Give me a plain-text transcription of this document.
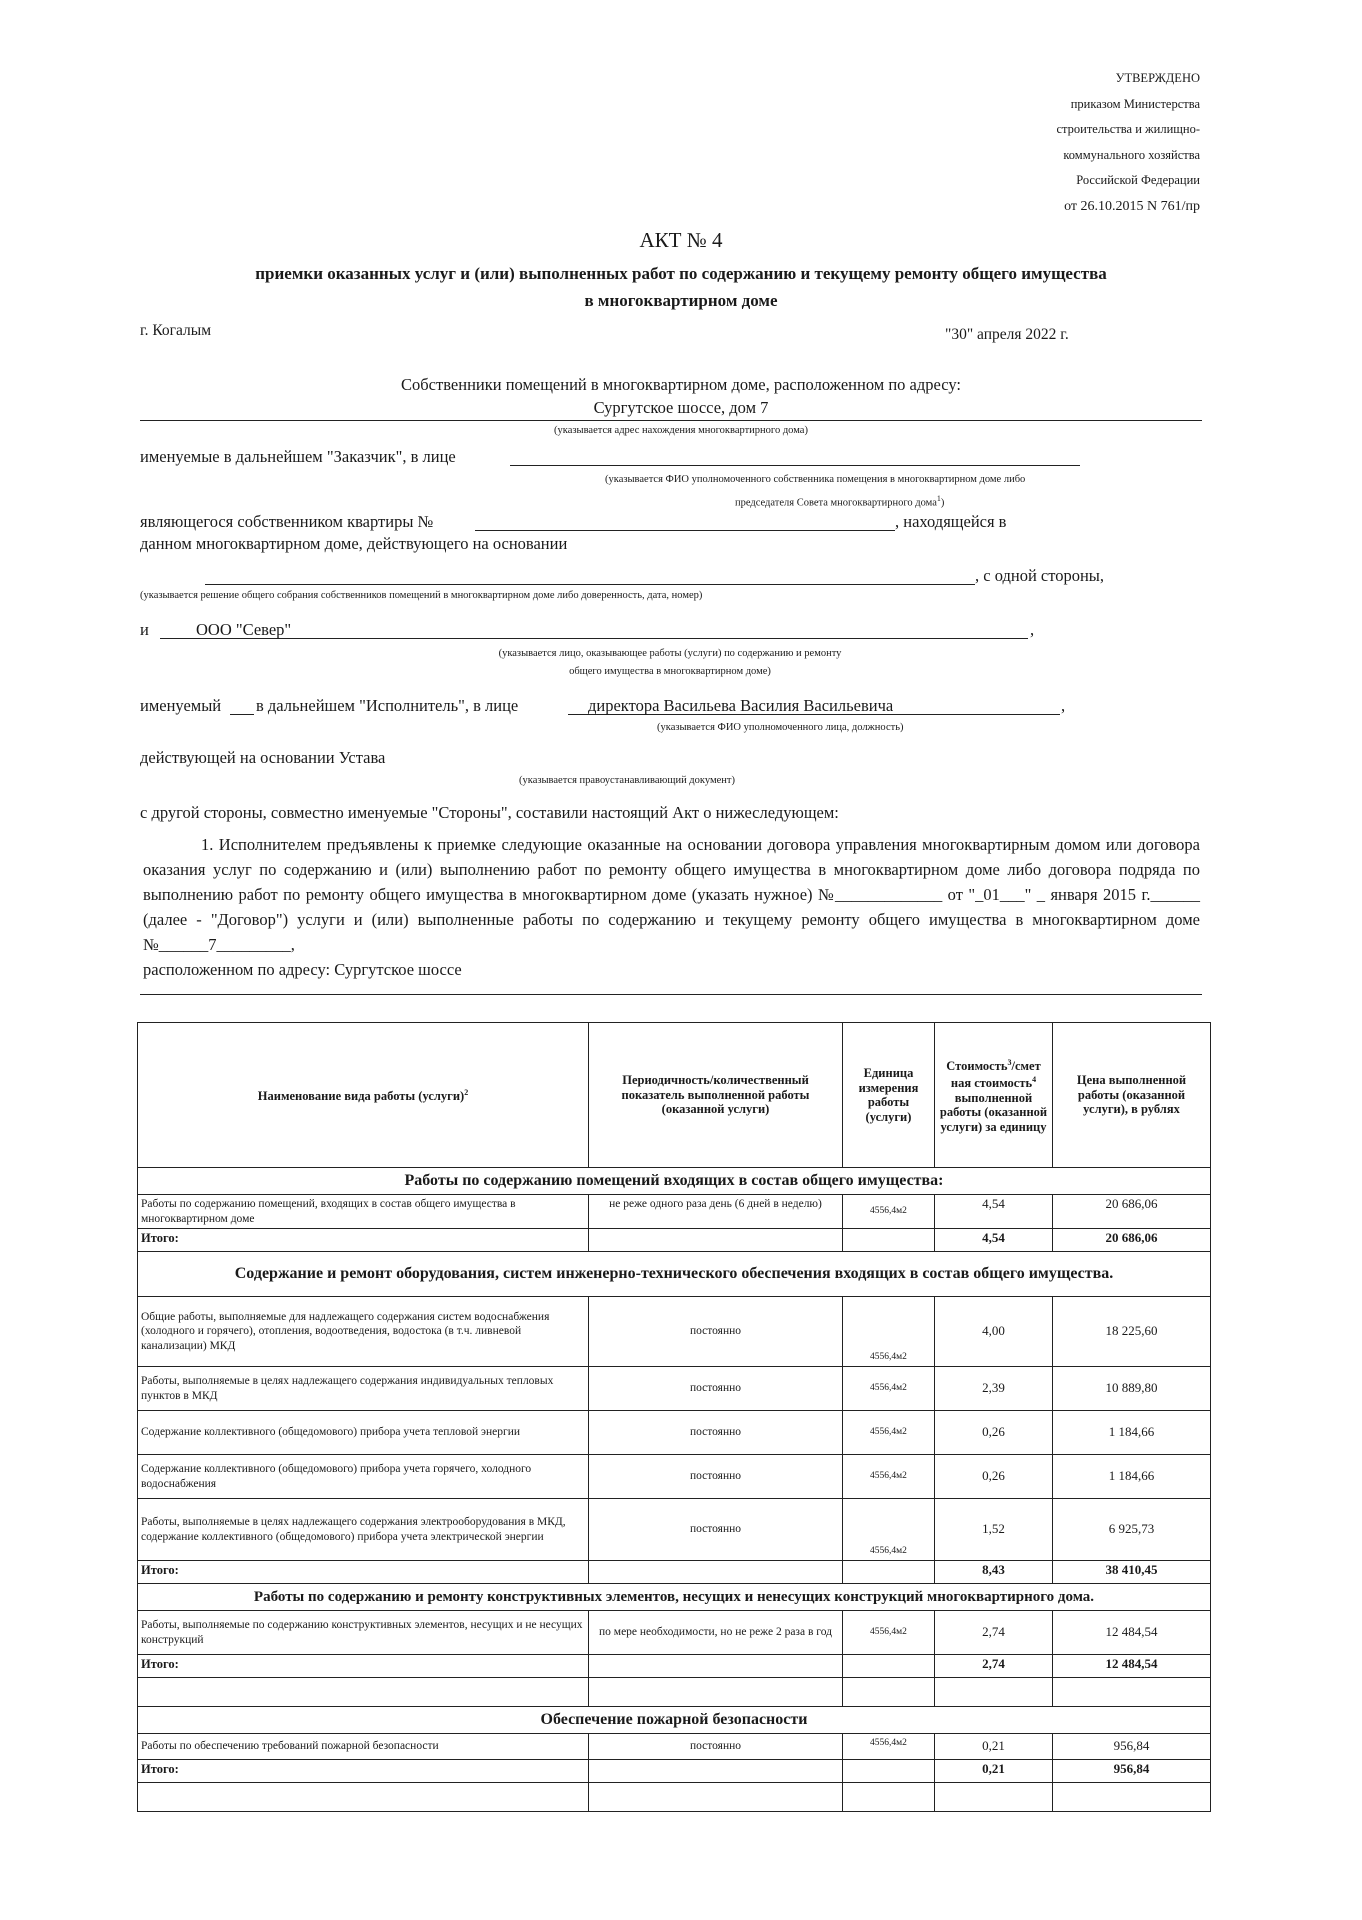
УТВЕРЖДЕНО
приказом Министерства
строительства и жилищно-
коммунального хозяйства
Российской Федерации
от 26.10.2015 N 761/пр
АКТ № 4
приемки оказанных услуг и (или) выполненных работ по содержанию и текущему ремонту общего имущества
в многоквартирном доме
г. Когалым	"30" апреля 2022 г.
Собственники помещений в многоквартирном доме, расположенном по адресу:
Сургутское шоссе, дом 7
(указывается адрес нахождения многоквартирного дома)
именуемые в дальнейшем "Заказчик", в лице
(указывается ФИО уполномоченного собственника помещения в многоквартирном доме либо
председателя Совета многоквартирного дома$^1$)
являющегося собственником квартиры №	, находящейся в
данном многоквартирном доме, действующего на основании
, с одной стороны,
(указывается решение общего собрания собственников помещений в многоквартирном доме либо доверенность, дата, номер)
и	ООО "Север"	,
(указывается лицо, оказывающее работы (услуги) по содержанию и ремонту
общего имущества в многоквартирном доме)
именуемый в дальнейшем "Исполнитель", в лице	директора Васильева Василия Васильевича	,
(указывается ФИО уполномоченного лица, должность)
действующей на основании Устава
(указывается правоустанавливающий документ)
с другой стороны, совместно именуемые "Стороны", составили настоящий Акт о нижеследующем:

1. Исполнителем предъявлены к приемке следующие оказанные на основании договора управления многоквартирным домом или договора оказания услуг по содержанию и (или) выполнению работ по ремонту общего имущества в многоквартирном доме либо договора подряда по выполнению работ по ремонту общего имущества в многоквартирном доме (указать нужное) №_____________ от "_01___" _ января 2015 г.______ (далее - "Договор") услуги и (или) выполненные работы по содержанию и текущему ремонту общего имущества в многоквартирном доме №______7_________,

расположенном по адресу: Сургутское шоссе

Наименование вида работы (услуги)$^2$	Периодичность/количественный показатель выполненной работы (оказанной услуги)	Единица измерения работы (услуги)	Стоимость$^3$/смет ная стоимость$^4$ выполненной работы (оказанной услуги) за единицу	Цена выполненной работы (оказанной услуги), в рублях
Работы по содержанию помещений входящих в состав общего имущества:				
Работы по содержанию помещений, входящих в состав общего имущества в многоквартирном доме	не реже одного раза день (6 дней в неделю)	4556,4м2	4,54	20 686,06
Итого:			4,54	20 686,06
Содержание и ремонт оборудования, систем инженерно-технического обеспечения входящих в состав общего имущества.				
Общие работы, выполняемые для надлежащего содержания систем водоснабжения (холодного и горячего), отопления, водоотведения, водостока (в т.ч. ливневой канализации) МКД	постоянно	4556,4м2	4,00	18 225,60
Работы, выполняемые в целях надлежащего содержания индивидуальных тепловых пунктов в МКД	постоянно	4556,4м2	2,39	10 889,80
Содержание коллективного (общедомового) прибора учета тепловой энергии	постоянно	4556,4м2	0,26	1 184,66
Содержание коллективного (общедомового) прибора учета горячего, холодного водоснабжения	постоянно	4556,4м2	0,26	1 184,66
Работы, выполняемые в целях надлежащего содержания электрооборудования в МКД, содержание коллективного (общедомового) прибора учета электрической энергии	постоянно	4556,4м2	1,52	6 925,73
Итого:			8,43	38 410,45
Работы по содержанию и ремонту конструктивных элементов, несущих и ненесущих конструкций многоквартирного дома.				
Работы, выполняемые по содержанию конструктивных элементов, несущих и не несущих конструкций	по мере необходимости, но не реже 2 раза в год	4556,4м2	2,74	12 484,54
Итого:			2,74	12 484,54

Обеспечение пожарной безопасности				
Работы по обеспечению требований пожарной безопасности	постоянно	4556,4м2	0,21	956,84
Итого:			0,21	956,84
